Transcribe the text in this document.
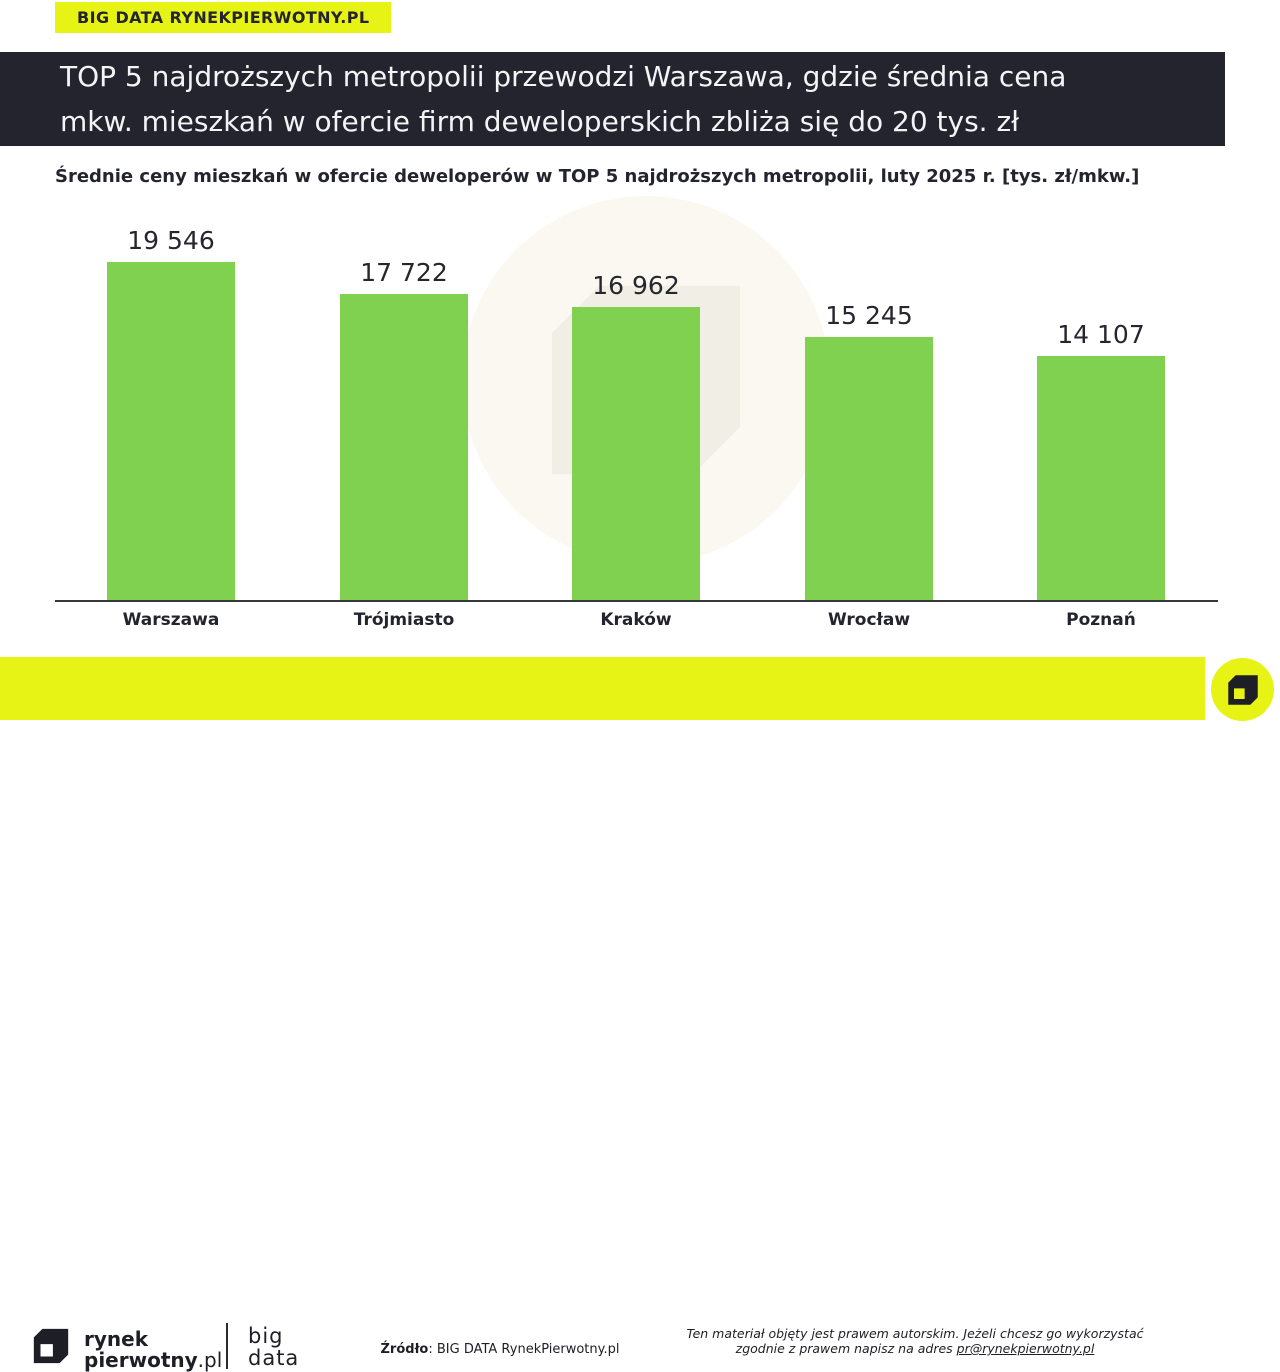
BIG DATA RYNEKPIERWOTNY.PL
TOP 5 najdroższych metropolii przewodzi Warszawa, gdzie średnia cena
mkw. mieszkań w ofercie firm deweloperskich zbliża się do 20 tys. zł
Średnie ceny mieszkań w ofercie deweloperów w TOP 5 najdroższych metropolii, luty 2025 r. [tys. zł/mkw.]
19 546
Warszawa
17 722
Trójmiasto
16 962
Kraków
15 245
Wrocław
14 107
Poznań
rynek
pierwotny.pl
big
data	Źródło: BIG DATA RynekPierwotny.pl
Ten materiał objęty jest prawem autorskim. Jeżeli chcesz go wykorzystać
zgodnie z prawem napisz na adres pr@rynekpierwotny.pl
